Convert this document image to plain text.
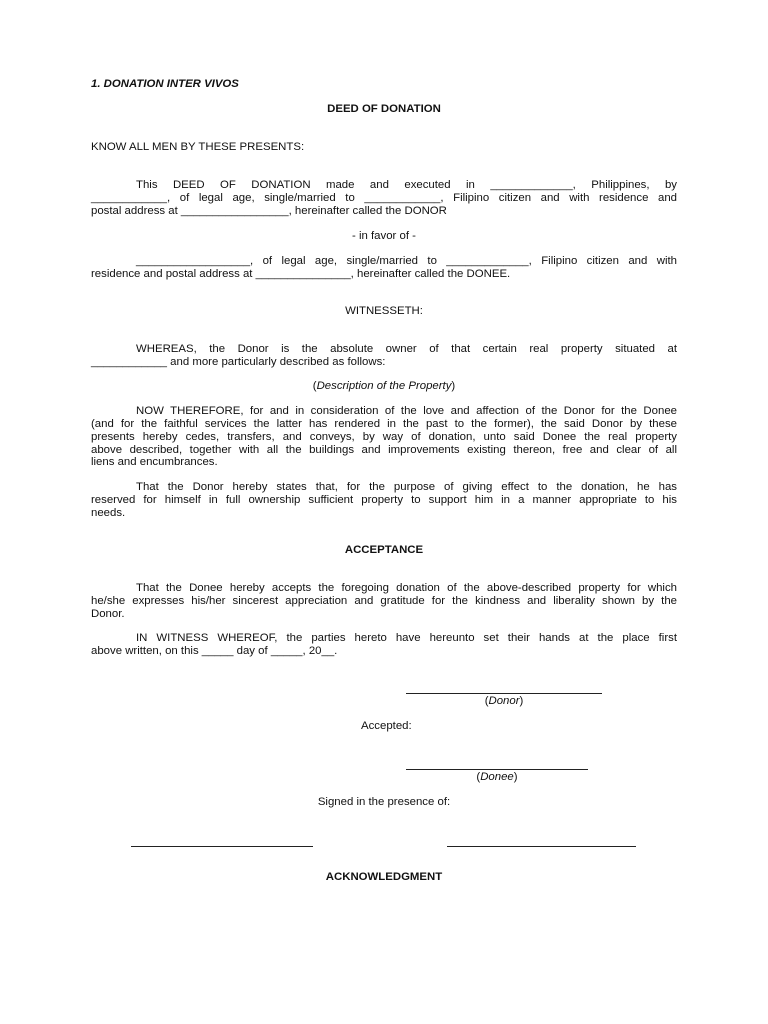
1. DONATION INTER VIVOS
DEED OF DONATION
KNOW ALL MEN BY THESE PRESENTS:
This DEED OF DONATION made and executed in _____________, Philippines, by
____________, of legal age, single/married to ____________, Filipino citizen and with residence and
postal address at _________________, hereinafter called the DONOR
- in favor of -
__________________, of legal age, single/married to _____________, Filipino citizen and with
residence and postal address at _______________, hereinafter called the DONEE.
WITNESSETH:
WHEREAS, the Donor is the absolute owner of that certain real property situated at
____________ and more particularly described as follows:
(Description of the Property)
NOW THEREFORE, for and in consideration of the love and affection of the Donor for the Donee
(and for the faithful services the latter has rendered in the past to the former), the said Donor by these
presents hereby cedes, transfers, and conveys, by way of donation, unto said Donee the real property
above described, together with all the buildings and improvements existing thereon, free and clear of all
liens and encumbrances.
That the Donor hereby states that, for the purpose of giving effect to the donation, he has
reserved for himself in full ownership sufficient property to support him in a manner appropriate to his
needs.
ACCEPTANCE
That the Donee hereby accepts the foregoing donation of the above-described property for which
he/she expresses his/her sincerest appreciation and gratitude for the kindness and liberality shown by the
Donor.
IN WITNESS WHEREOF, the parties hereto have hereunto set their hands at the place first
above written, on this _____ day of _____, 20__.
(Donor)
Accepted:
(Donee)
Signed in the presence of:
ACKNOWLEDGMENT
